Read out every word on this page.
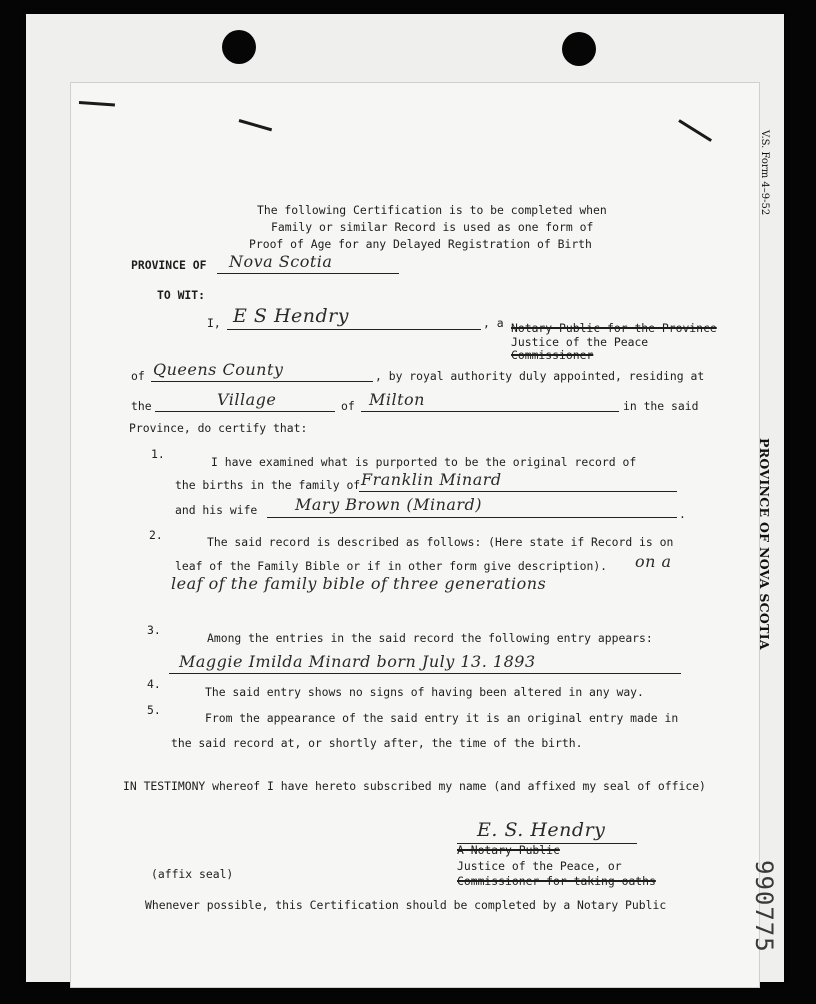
The following Certification is to be completed when
Family or similar Record is used as one form of
Proof of Age for any Delayed Registration of Birth
PROVINCE OF Nova Scotia
TO WIT:
I, E S Hendry	, a Notary Public for the Province
Justice of the Peace
Commissioner
of Queens County	, by royal authority duly appointed, residing at
the	Village	of Milton	in the said
Province, do certify that:
1.
I have examined what is purported to be the original record of
the births in the family of Franklin Minard
and his wife Mary Brown (Minard)	.
2.	The said record is described as follows: (Here state if Record is on
leaf of the Family Bible or if in other form give description). on a
leaf of the family bible of three generations
3.
Among the entries in the said record the following entry appears:
Maggie Imilda Minard born July 13. 1893
4.
The said entry shows no signs of having been altered in any way.
5.
From the appearance of the said entry it is an original entry made in
the said record at, or shortly after, the time of the birth.
IN TESTIMONY whereof I have hereto subscribed my name (and affixed my seal of office)
E. S. Hendry
A Notary Public
Justice of the Peace, or
Commissioner for taking oaths
(affix seal)
Whenever possible, this Certification should be completed by a Notary Public
V.S. Form 4–9-52
PROVINCE OF NOVA SCOTIA
990775
